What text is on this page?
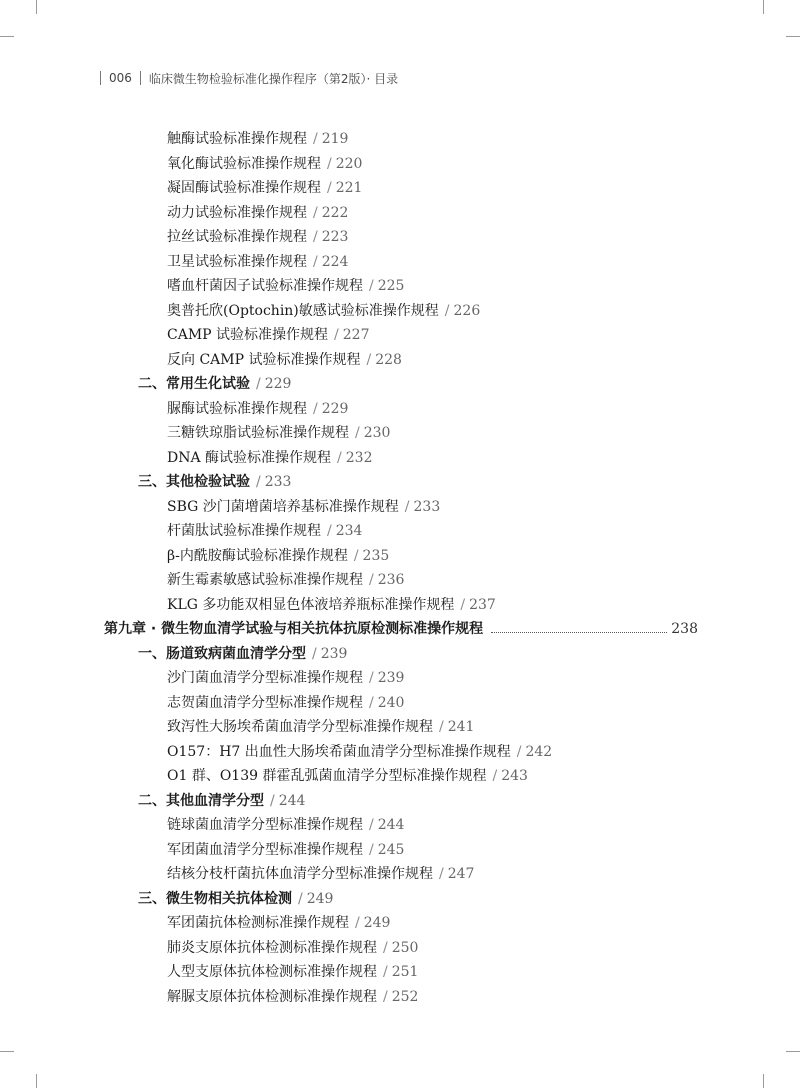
006	临床微生物检验标准化操作程序（第2版）· 目录
触酶试验标准操作规程 / 219
氧化酶试验标准操作规程 / 220
凝固酶试验标准操作规程 / 221
动力试验标准操作规程 / 222
拉丝试验标准操作规程 / 223
卫星试验标准操作规程 / 224
嗜血杆菌因子试验标准操作规程 / 225
奥普托欣(Optochin)敏感试验标准操作规程 / 226
CAMP 试验标准操作规程 / 227
反向 CAMP 试验标准操作规程 / 228
二、常用生化试验 / 229
脲酶试验标准操作规程 / 229
三糖铁琼脂试验标准操作规程 / 230
DNA 酶试验标准操作规程 / 232
三、其他检验试验 / 233
SBG 沙门菌增菌培养基标准操作规程 / 233
杆菌肽试验标准操作规程 / 234
β-内酰胺酶试验标准操作规程 / 235
新生霉素敏感试验标准操作规程 / 236
KLG 多功能双相显色体液培养瓶标准操作规程 / 237
第九章 · 微生物血清学试验与相关抗体抗原检测标准操作规程	238
一、肠道致病菌血清学分型 / 239
沙门菌血清学分型标准操作规程 / 239
志贺菌血清学分型标准操作规程 / 240
致泻性大肠埃希菌血清学分型标准操作规程 / 241
O157：H7 出血性大肠埃希菌血清学分型标准操作规程 / 242
O1 群、O139 群霍乱弧菌血清学分型标准操作规程 / 243
二、其他血清学分型 / 244
链球菌血清学分型标准操作规程 / 244
军团菌血清学分型标准操作规程 / 245
结核分枝杆菌抗体血清学分型标准操作规程 / 247
三、微生物相关抗体检测 / 249
军团菌抗体检测标准操作规程 / 249
肺炎支原体抗体检测标准操作规程 / 250
人型支原体抗体检测标准操作规程 / 251
解脲支原体抗体检测标准操作规程 / 252
